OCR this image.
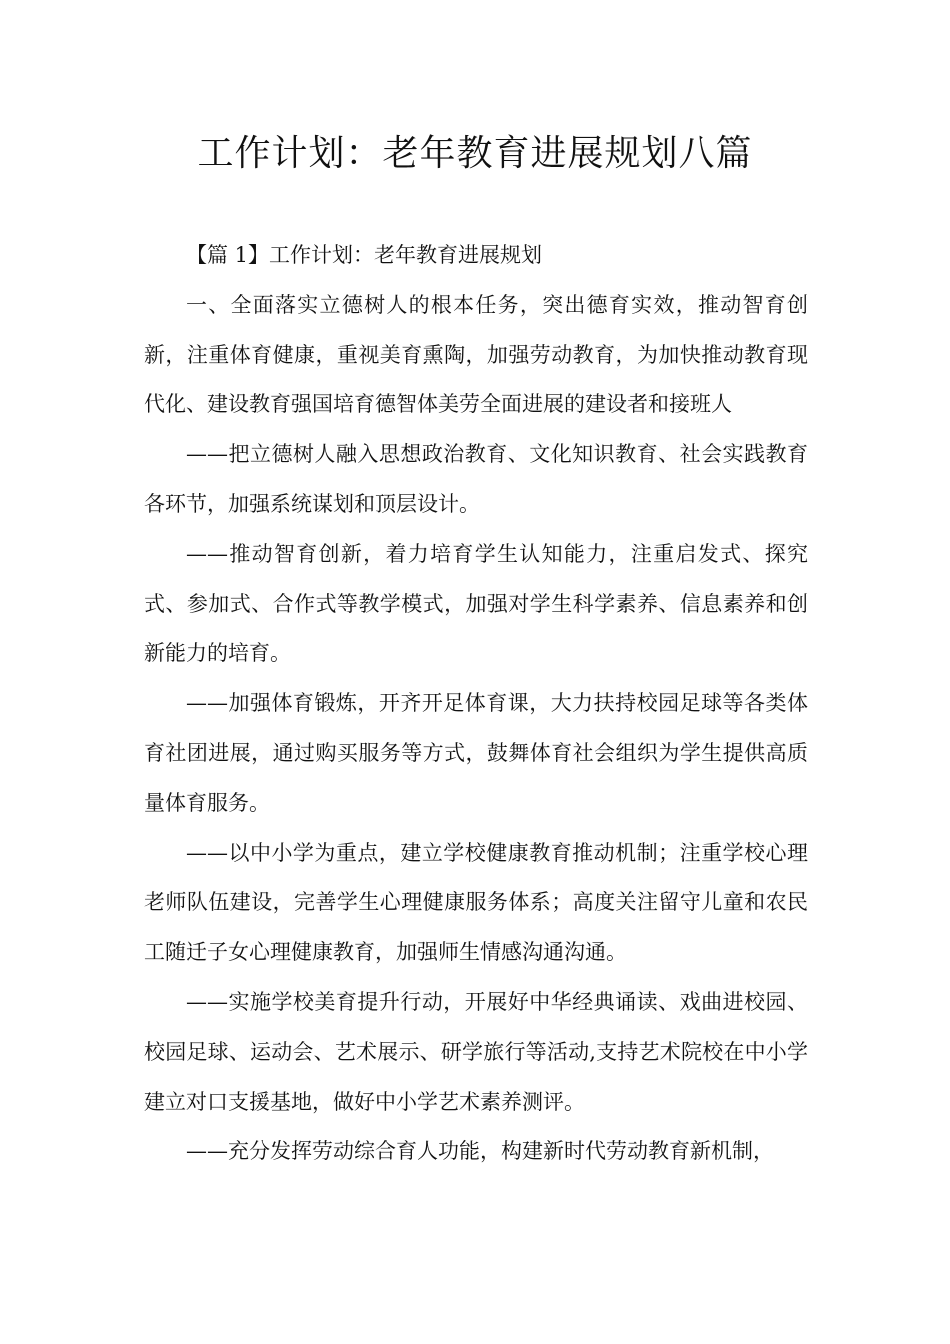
工作计划：老年教育进展规划八篇

【篇 1】工作计划：老年教育进展规划

一、全面落实立德树人的根本任务，突出德育实效，推动智育创新，注重体育健康，重视美育熏陶，加强劳动教育，为加快推动教育现代化、建设教育强国培育德智体美劳全面进展的建设者和接班人

——把立德树人融入思想政治教育、文化知识教育、社会实践教育各环节，加强系统谋划和顶层设计。

——推动智育创新，着力培育学生认知能力，注重启发式、探究式、参加式、合作式等教学模式，加强对学生科学素养、信息素养和创新能力的培育。

——加强体育锻炼，开齐开足体育课，大力扶持校园足球等各类体育社团进展，通过购买服务等方式，鼓舞体育社会组织为学生提供高质量体育服务。

——以中小学为重点，建立学校健康教育推动机制；注重学校心理老师队伍建设，完善学生心理健康服务体系；高度关注留守儿童和农民工随迁子女心理健康教育，加强师生情感沟通沟通。

——实施学校美育提升行动，开展好中华经典诵读、戏曲进校园、校园足球、运动会、艺术展示、研学旅行等活动,支持艺术院校在中小学建立对口支援基地，做好中小学艺术素养测评。

——充分发挥劳动综合育人功能，构建新时代劳动教育新机制，
